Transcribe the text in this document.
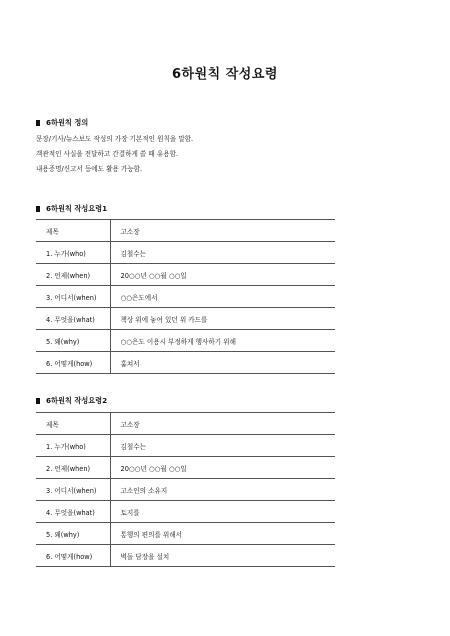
6하원칙 작성요령
6하원칙 정의
문장/기사/뉴스보도 작성의 가장 기본적인 원칙을 말함.
객관적인 사실을 전달하고 간결하게 쓸 때 유용함.
내용증명/신고서 등에도 활용 가능함.
6하원칙 작성요령1
제목	고소장
1. 누가(who)	김철수는
2. 언제(when)	20○○년 ○○월 ○○일
3. 어디서(when)	○○은도에서
4. 무엇을(what)	책상 위에 놓여 있던 위 카드를
5. 왜(why)	○○은도 이용시 부정하게 행사하기 위해
6. 어떻게(how)	훔쳐서
6하원칙 작성요령2
제목	고소장
1. 누가(who)	김철수는
2. 언제(when)	20○○년 ○○월 ○○일
3. 어디서(when)	고소인의 소유지
4. 무엇을(what)	토지를
5. 왜(why)	통행의 편의를 위해서
6. 어떻게(how)	벽돌 담장을 설치
